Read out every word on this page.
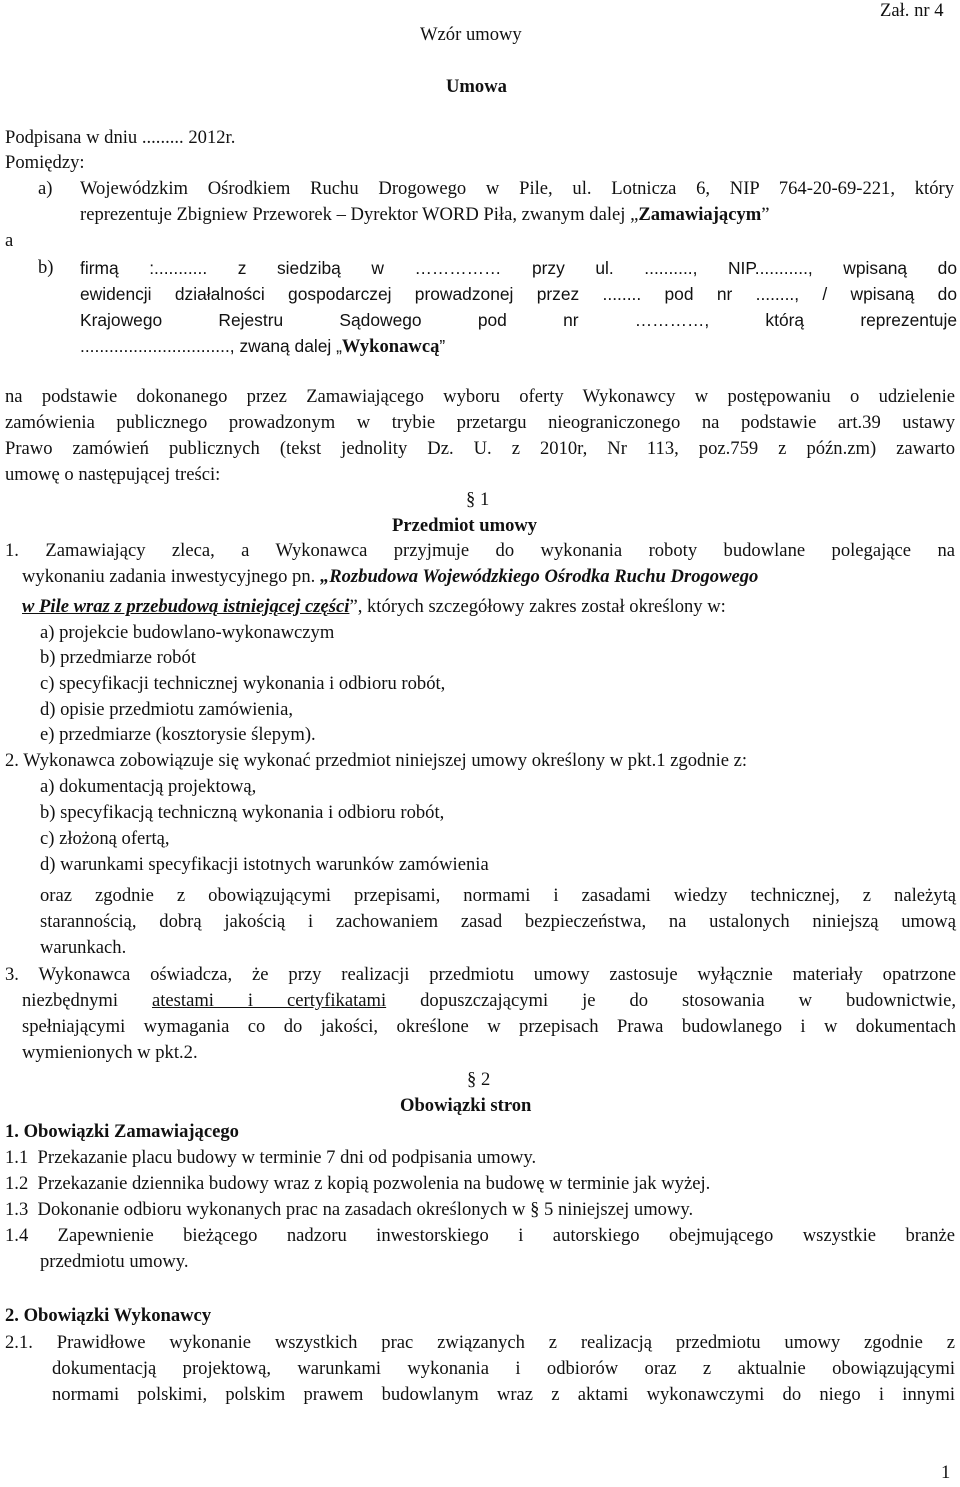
Zał. nr 4
Wzór umowy
Umowa
Podpisana w dniu ......... 2012r.
Pomiędzy:
a) Wojewódzkim Ośrodkiem Ruchu Drogowego w Pile, ul. Lotnicza 6, NIP 764-20-69-221, który
reprezentuje Zbigniew Przeworek – Dyrektor WORD Piła, zwanym dalej „Zamawiającym”
a
b) firmą :........... z siedzibą w …………… przy ul. .........., NIP..........., wpisaną do
ewidencji działalności gospodarczej prowadzonej przez ........ pod nr ........, / wpisaną do
Krajowego Rejestru Sądowego pod nr …………, którą reprezentuje
..............................., zwaną dalej „Wykonawcą”
na podstawie dokonanego przez Zamawiającego wyboru oferty Wykonawcy w postępowaniu o udzielenie
zamówienia publicznego prowadzonym w trybie przetargu nieograniczonego na podstawie art.39 ustawy
Prawo zamówień publicznych (tekst jednolity Dz. U. z 2010r, Nr 113, poz.759 z późn.zm) zawarto
umowę o następującej treści:
§ 1
Przedmiot umowy
1. Zamawiający zleca, a Wykonawca przyjmuje do wykonania roboty budowlane polegające na
wykonaniu zadania inwestycyjnego pn. „Rozbudowa Wojewódzkiego Ośrodka Ruchu Drogowego
w Pile wraz z przebudową istniejącej części”, których szczegółowy zakres został określony w:
a) projekcie budowlano-wykonawczym
b) przedmiarze robót
c) specyfikacji technicznej wykonania i odbioru robót,
d) opisie przedmiotu zamówienia,
e) przedmiarze (kosztorysie ślepym).
2. Wykonawca zobowiązuje się wykonać przedmiot niniejszej umowy określony w pkt.1 zgodnie z:
a) dokumentacją projektową,
b) specyfikacją techniczną wykonania i odbioru robót,
c) złożoną ofertą,
d) warunkami specyfikacji istotnych warunków zamówienia
oraz zgodnie z obowiązującymi przepisami, normami i zasadami wiedzy technicznej, z należytą
starannością, dobrą jakością i zachowaniem zasad bezpieczeństwa, na ustalonych niniejszą umową
warunkach.
3. Wykonawca oświadcza, że przy realizacji przedmiotu umowy zastosuje wyłącznie materiały opatrzone
niezbędnymi atestami i certyfikatami dopuszczającymi je do stosowania w budownictwie,
spełniającymi wymagania co do jakości, określone w przepisach Prawa budowlanego i w dokumentach
wymienionych w pkt.2.
§ 2
Obowiązki stron
1. Obowiązki Zamawiającego
1.1  Przekazanie placu budowy w terminie 7 dni od podpisania umowy.
1.2  Przekazanie dziennika budowy wraz z kopią pozwolenia na budowę w terminie jak wyżej.
1.3  Dokonanie odbioru wykonanych prac na zasadach określonych w § 5 niniejszej umowy.
1.4 Zapewnienie bieżącego nadzoru inwestorskiego i autorskiego obejmującego wszystkie branże
przedmiotu umowy.
2. Obowiązki Wykonawcy
2.1. Prawidłowe wykonanie wszystkich prac związanych z realizacją przedmiotu umowy zgodnie z
dokumentacją projektową, warunkami wykonania i odbiorów oraz z aktualnie obowiązującymi
normami polskimi, polskim prawem budowlanym wraz z aktami wykonawczymi do niego i innymi
1
